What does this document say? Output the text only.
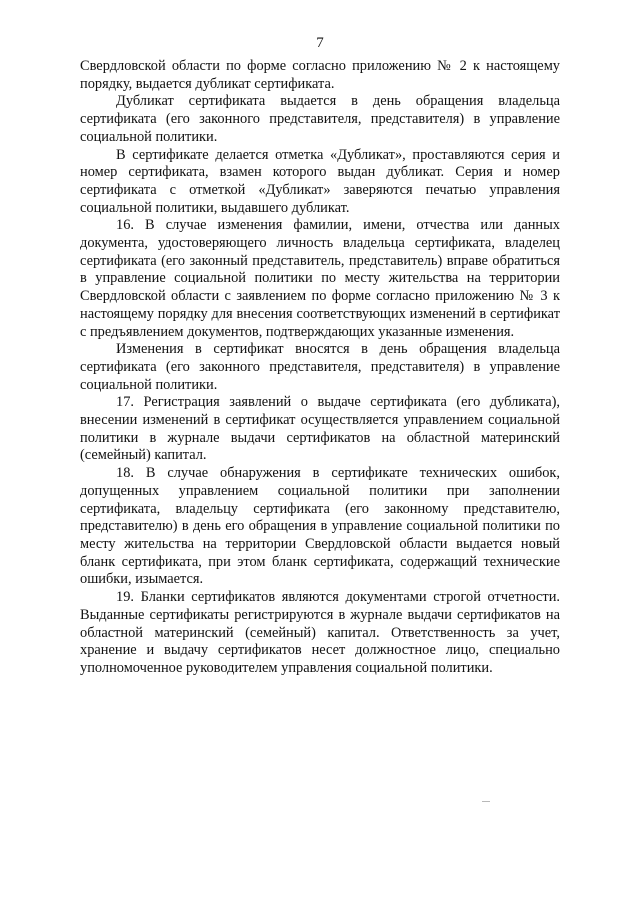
7

Свердловской области по форме согласно приложению № 2 к настоящему порядку, выдается дубликат сертификата.

Дубликат сертификата выдается в день обращения владельца сертификата (его законного представителя, представителя) в управление социальной политики.

В сертификате делается отметка «Дубликат», проставляются серия и номер сертификата, взамен которого выдан дубликат. Серия и номер сертификата с отметкой «Дубликат» заверяются печатью управления социальной политики, выдавшего дубликат.

16. В случае изменения фамилии, имени, отчества или данных документа, удостоверяющего личность владельца сертификата, владелец сертификата (его законный представитель, представитель) вправе обратиться в управление социальной политики по месту жительства на территории Свердловской области с заявлением по форме согласно приложению № 3 к настоящему порядку для внесения соответствующих изменений в сертификат с предъявлением документов, подтверждающих указанные изменения.

Изменения в сертификат вносятся в день обращения владельца сертификата (его законного представителя, представителя) в управление социальной политики.

17. Регистрация заявлений о выдаче сертификата (его дубликата), внесении изменений в сертификат осуществляется управлением социальной политики в журнале выдачи сертификатов на областной материнский (семейный) капитал.

18. В случае обнаружения в сертификате технических ошибок, допущенных управлением социальной политики при заполнении сертификата, владельцу сертификата (его законному представителю, представителю) в день его обращения в управление социальной политики по месту жительства на территории Свердловской области выдается новый бланк сертификата, при этом бланк сертификата, содержащий технические ошибки, изымается.

19. Бланки сертификатов являются документами строгой отчетности. Выданные сертификаты регистрируются в журнале выдачи сертификатов на областной материнский (семейный) капитал. Ответственность за учет, хранение и выдачу сертификатов несет должностное лицо, специально уполномоченное руководителем управления социальной политики.
